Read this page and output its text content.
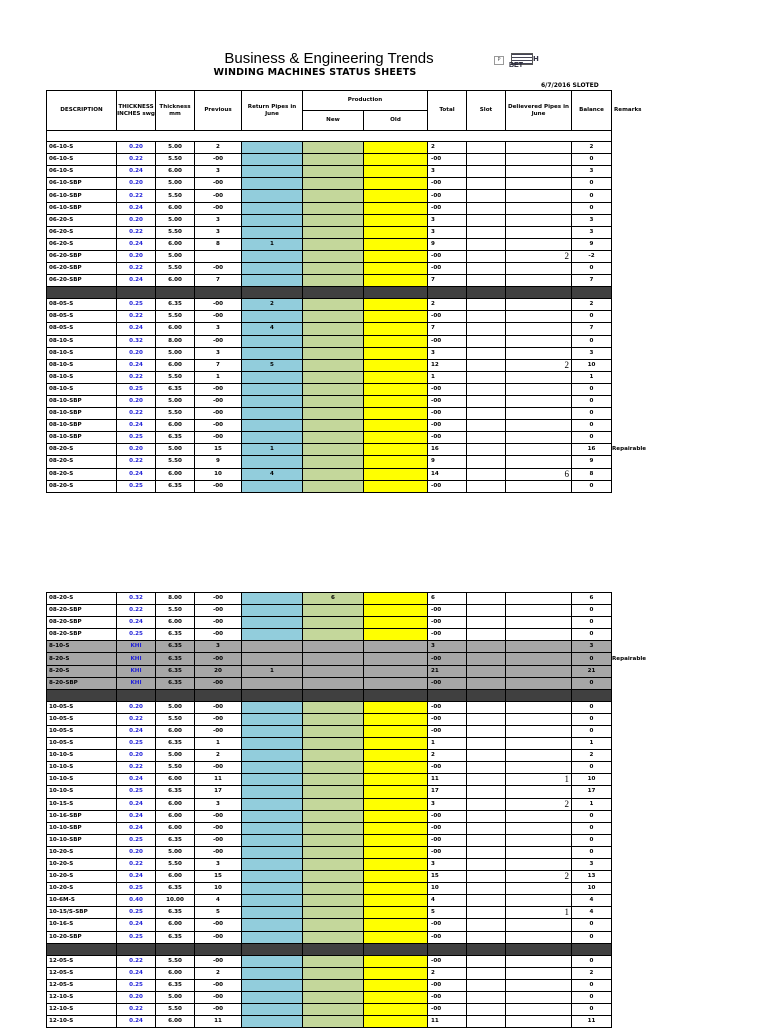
Business & Engineering Trends
WINDING MACHINES STATUS SHEETS
P
BET
H
6/7/2016 SLOTED
DESCRIPTION	THICKNESS INCHES swg	Thickness mm	Previous	Return Pipes in June	Production		Total	Slot	Delievered Pipes in June	Balance	Remarks
					New	Old					

06-10-S	0.20	5.00	2				2			2	
06-10-S	0.22	5.50	-00				-00			0	
06-10-S	0.24	6.00	3				3			3	
06-10-SBP	0.20	5.00	-00				-00			0	
06-10-SBP	0.22	5.50	-00				-00			0	
06-10-SBP	0.24	6.00	-00				-00			0	
06-20-S	0.20	5.00	3				3			3	
06-20-S	0.22	5.50	3				3			3	
06-20-S	0.24	6.00	8	1			9			9	
06-20-SBP	0.20	5.00					-00		2	-2	
06-20-SBP	0.22	5.50	-00				-00			0	
06-20-SBP	0.24	6.00	7				7			7	

08-05-S	0.25	6.35	-00	2			2			2	
08-05-S	0.22	5.50	-00				-00			0	
08-05-S	0.24	6.00	3	4			7			7	
08-10-S	0.32	8.00	-00				-00			0	
08-10-S	0.20	5.00	3				3			3	
08-10-S	0.24	6.00	7	5			12		2	10	
08-10-S	0.22	5.50	1				1			1	
08-10-S	0.25	6.35	-00				-00			0	
08-10-SBP	0.20	5.00	-00				-00			0	
08-10-SBP	0.22	5.50	-00				-00			0	
08-10-SBP	0.24	6.00	-00				-00			0	
08-10-SBP	0.25	6.35	-00				-00			0	
08-20-S	0.20	5.00	15	1			16			16	Repairable
08-20-S	0.22	5.50	9				9			9	
08-20-S	0.24	6.00	10	4			14		6	8	
08-20-S	0.25	6.35	-00				-00			0	
08-20-S	0.32	8.00	-00		6		6			6	
08-20-SBP	0.22	5.50	-00				-00			0	
08-20-SBP	0.24	6.00	-00				-00			0	
08-20-SBP	0.25	6.35	-00				-00			0	
8-10-S	KHI	6.35	3				3			3	
8-20-S	KHI	6.35	-00				-00			0	Repairable
8-20-S	KHI	6.35	20	1			21			21	
8-20-SBP	KHI	6.35	-00				-00			0	

10-05-S	0.20	5.00	-00				-00			0	
10-05-S	0.22	5.50	-00				-00			0	
10-05-S	0.24	6.00	-00				-00			0	
10-05-S	0.25	6.35	1				1			1	
10-10-S	0.20	5.00	2				2			2	
10-10-S	0.22	5.50	-00				-00			0	
10-10-S	0.24	6.00	11				11		1	10	
10-10-S	0.25	6.35	17				17			17	
10-15-S	0.24	6.00	3				3		2	1	
10-16-SBP	0.24	6.00	-00				-00			0	
10-10-SBP	0.24	6.00	-00				-00			0	
10-10-SBP	0.25	6.35	-00				-00			0	
10-20-S	0.20	5.00	-00				-00			0	
10-20-S	0.22	5.50	3				3			3	
10-20-S	0.24	6.00	15				15		2	13	
10-20-S	0.25	6.35	10				10			10	
10-6M-S	0.40	10.00	4				4			4	
10-15/S-SBP	0.25	6.35	5				5		1	4	
10-16-S	0.24	6.00	-00				-00			0	
10-20-SBP	0.25	6.35	-00				-00			0	

12-05-S	0.22	5.50	-00				-00			0	
12-05-S	0.24	6.00	2				2			2	
12-05-S	0.25	6.35	-00				-00			0	
12-10-S	0.20	5.00	-00				-00			0	
12-10-S	0.22	5.50	-00				-00			0	
12-10-S	0.24	6.00	11				11			11	
